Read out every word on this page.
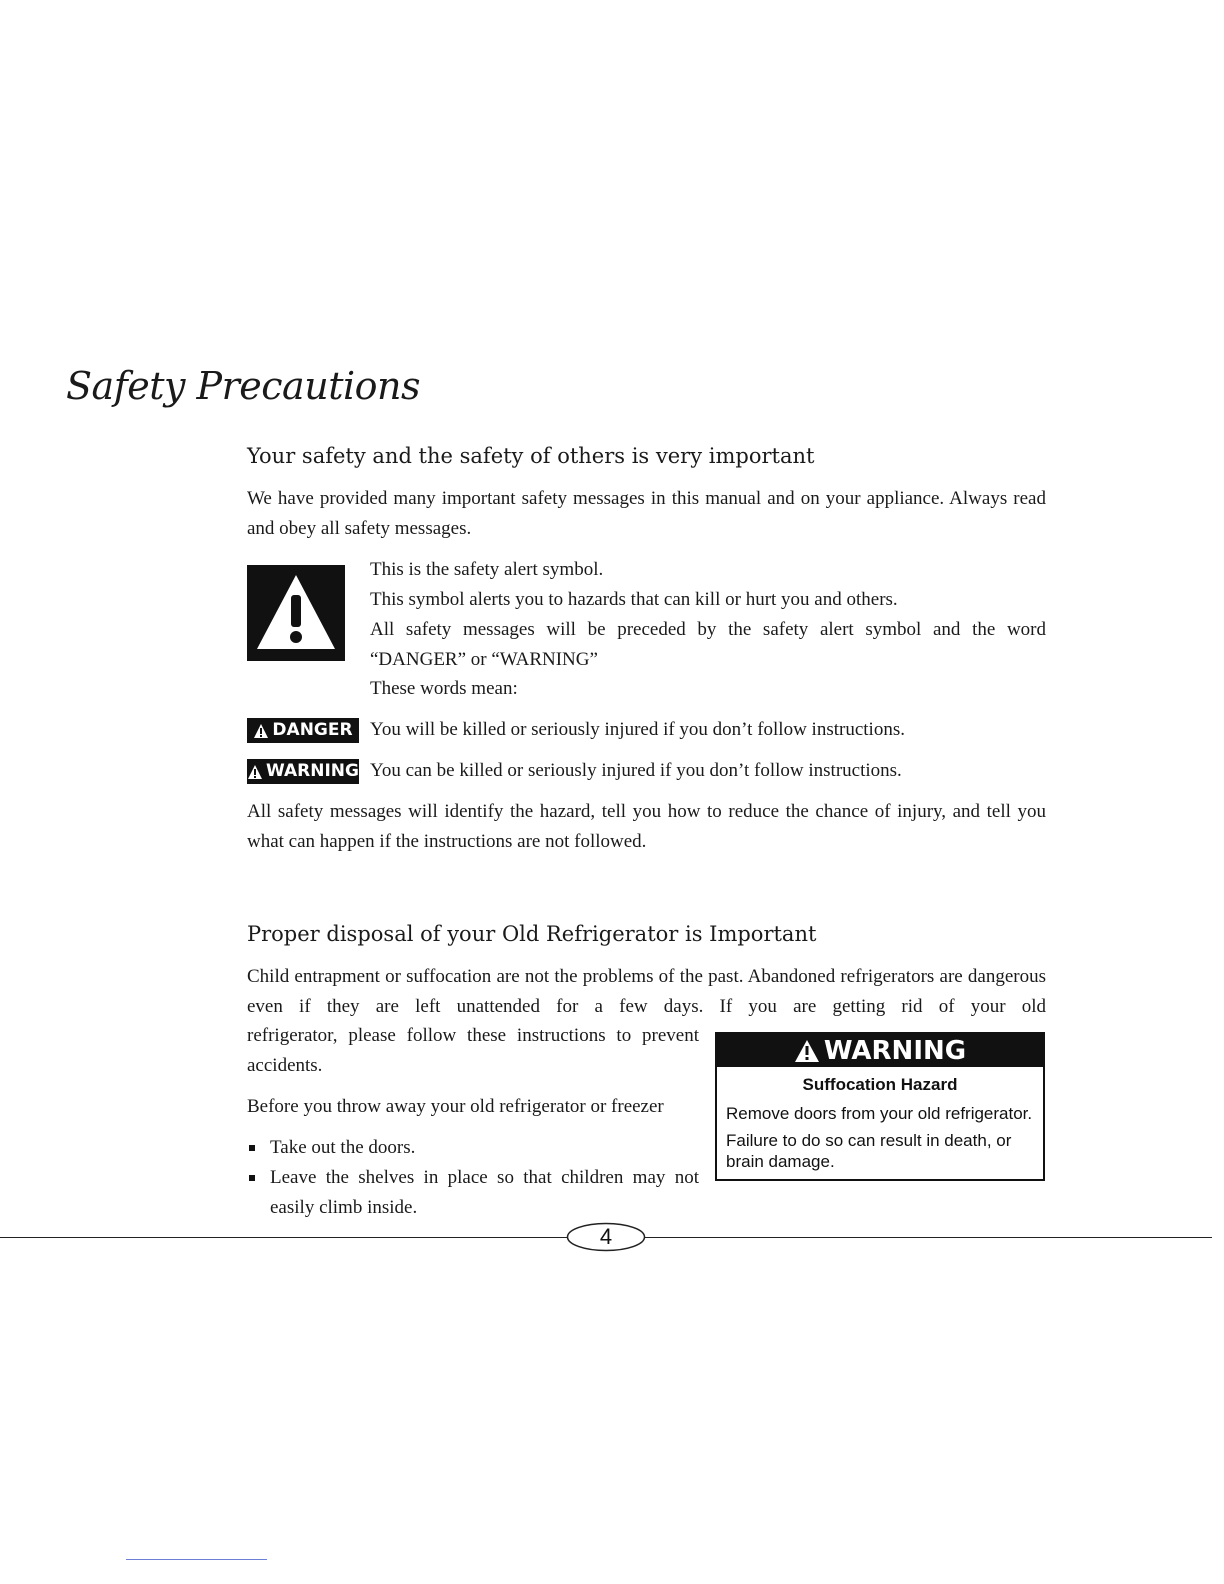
Safety Precautions
Your safety and the safety of others is very important

We have provided many important safety messages in this manual and on your appliance. Always read and obey all safety messages.

This is the safety alert symbol.

This symbol alerts you to hazards that can kill or hurt you and others.

All safety messages will be preceded by the safety alert symbol and the word “DANGER” or “WARNING”

These words mean:

DANGER You will be killed or seriously injured if you don’t follow instructions.

WARNING You can be killed or seriously injured if you don’t follow instructions.

All safety messages will identify the hazard, tell you how to reduce the chance of injury, and tell you what can happen if the instructions are not followed.

Proper disposal of your Old Refrigerator is Important

Child entrapment or suffocation are not the problems of the past. Abandoned refrigerators are dangerous even if they are left unattended for a few days. If you are getting rid of your old

refrigerator, please follow these instructions to prevent accidents.

Before you throw away your old refrigerator or freezer

Take out the doors.
Leave the shelves in place so that children may not easily climb inside.
WARNING

Suffocation Hazard

Remove doors from your old refrigerator.

Failure to do so can result in death, or brain damage.

4
